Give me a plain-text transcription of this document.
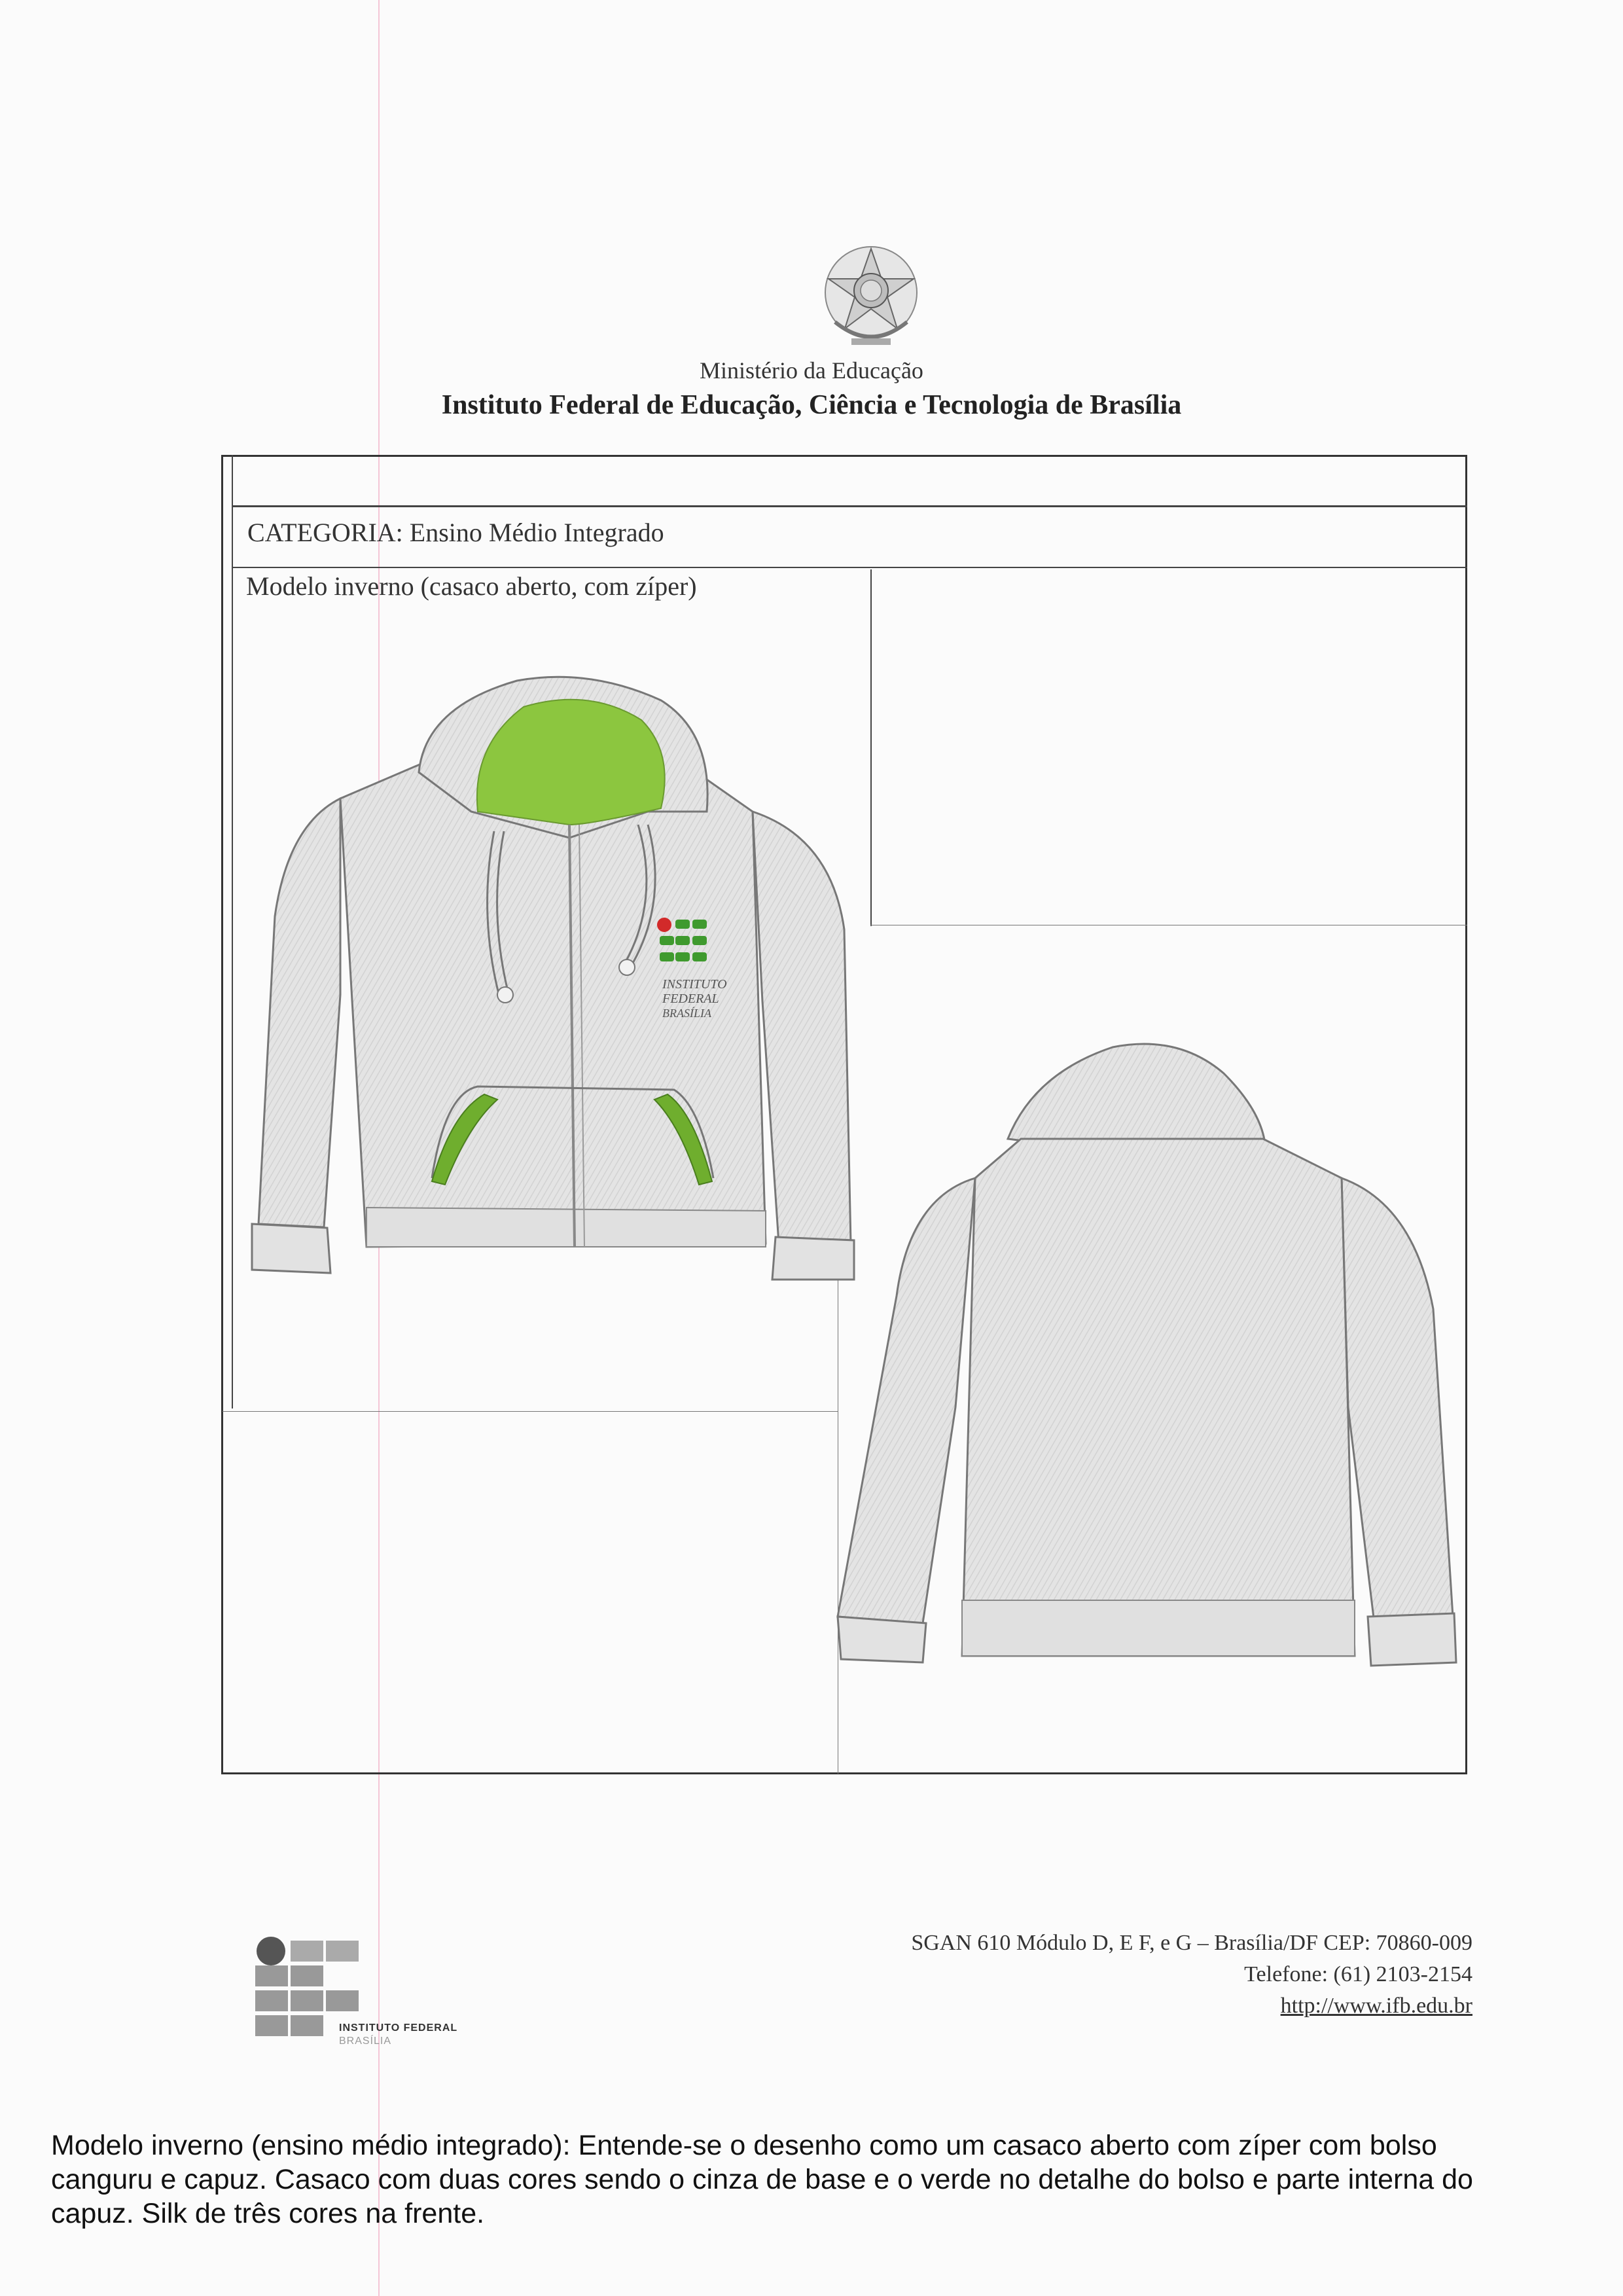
Ministério da Educação
Instituto Federal de Educação, Ciência e Tecnologia de Brasília
CATEGORIA: Ensino Médio Integrado
Modelo inverno (casaco aberto, com zíper)
INSTITUTO
FEDERAL
BRASÍLIA
INSTITUTO FEDERAL
BRASÍLIA
SGAN 610 Módulo D, E F, e G – Brasília/DF CEP: 70860-009
Telefone: (61) 2103-2154
http://www.ifb.edu.br
Modelo inverno (ensino médio integrado): Entende-se o desenho como um casaco aberto com zíper com bolso
canguru e capuz. Casaco com duas cores sendo o cinza de base e o verde no detalhe do bolso e parte interna do
capuz. Silk de três cores na frente.
